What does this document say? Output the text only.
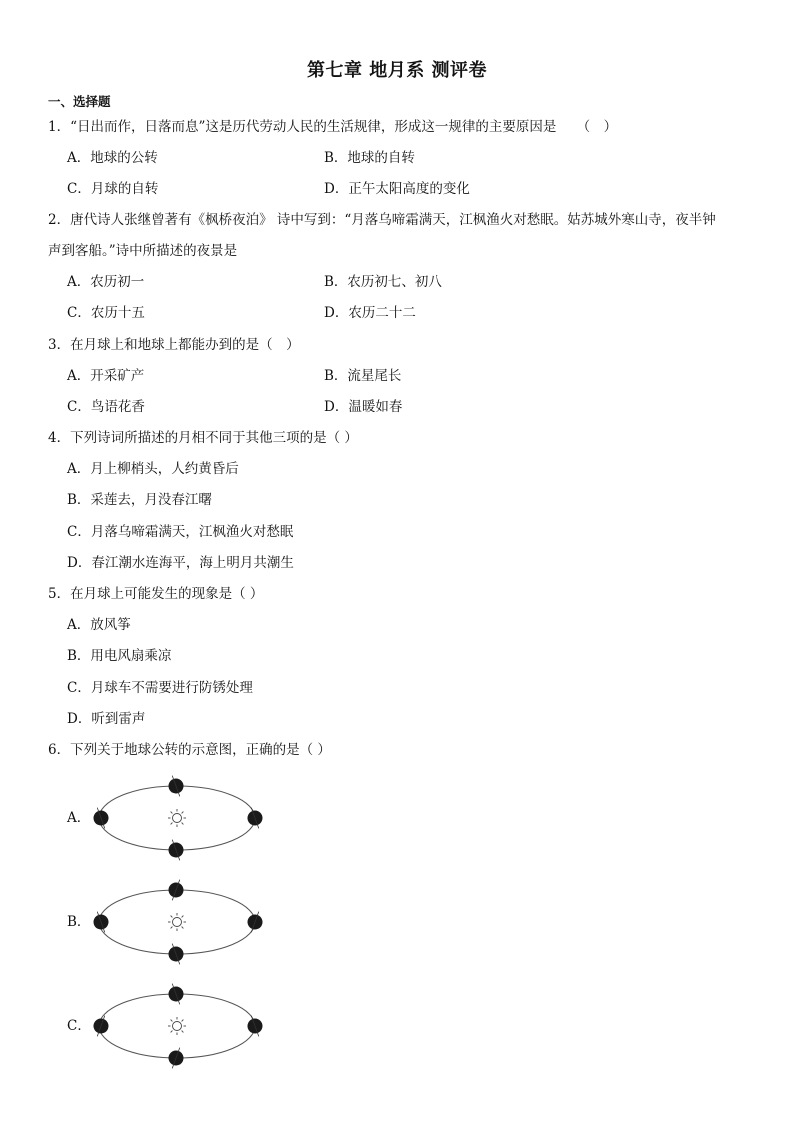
第七章 地月系 测评卷
一、选择题
1．“日出而作，日落而息”这是历代劳动人民的生活规律，形成这一规律的主要原因是　　（　）
A．地球的公转	B．地球的自转
C．月球的自转	D．正午太阳高度的变化
2．唐代诗人张继曾著有《枫桥夜泊》 诗中写到：“月落乌啼霜满天，江枫渔火对愁眠。姑苏城外寒山寺，夜半钟
声到客船。”诗中所描述的夜景是
A．农历初一	B．农历初七、初八
C．农历十五	D．农历二十二
3．在月球上和地球上都能办到的是（　）
A．开采矿产	B．流星尾长
C．鸟语花香	D．温暖如春
4．下列诗词所描述的月相不同于其他三项的是（ ）
A．月上柳梢头，人约黄昏后
B．采莲去，月没春江曙
C．月落乌啼霜满天，江枫渔火对愁眠
D．春江潮水连海平，海上明月共潮生
5．在月球上可能发生的现象是（ ）
A．放风筝
B．用电风扇乘凉
C．月球车不需要进行防锈处理
D．听到雷声
6．下列关于地球公转的示意图，正确的是（ ）
A．
B．
C．
